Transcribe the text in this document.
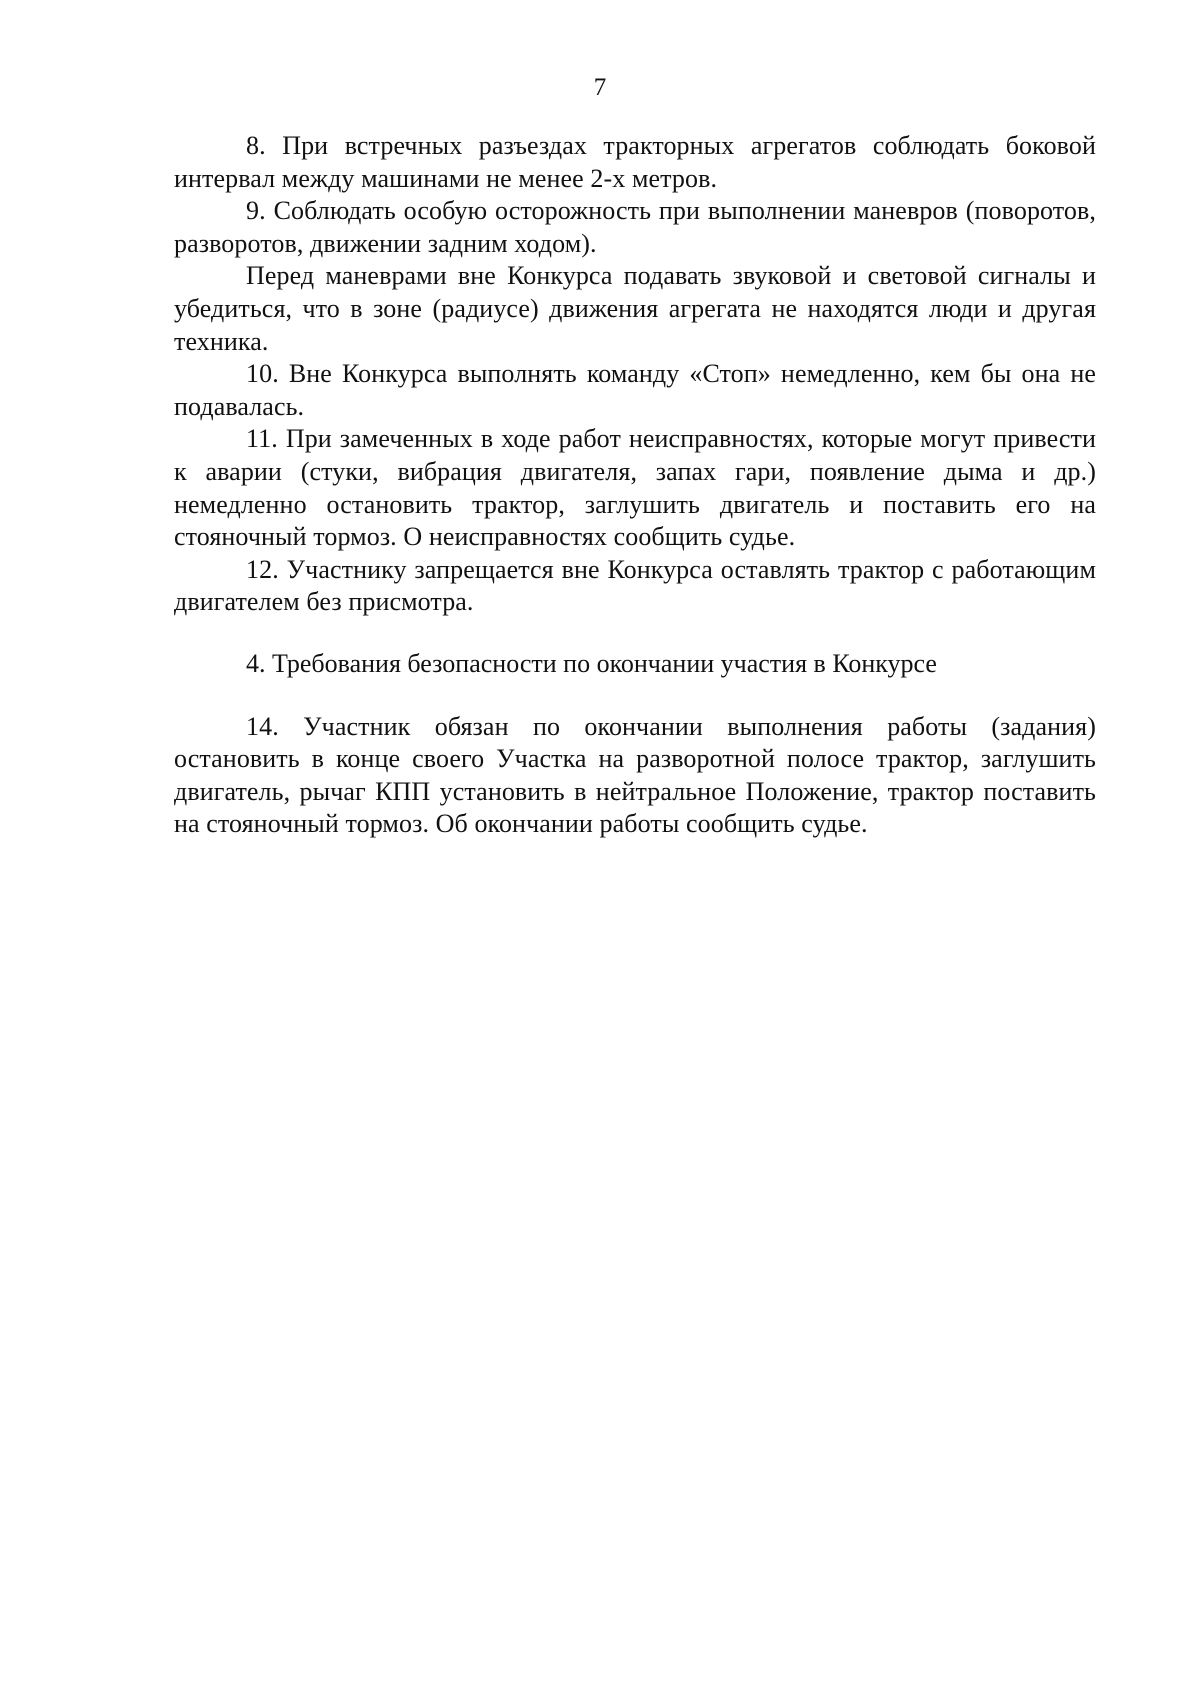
7

8. При встречных разъездах тракторных агрегатов соблюдать боковой интервал между машинами не менее 2-х метров.

9. Соблюдать особую осторожность при выполнении маневров (поворотов, разворотов, движении задним ходом).

Перед маневрами вне Конкурса подавать звуковой и световой сигналы и убедиться, что в зоне (радиусе) движения агрегата не находятся люди и другая техника.

10. Вне Конкурса выполнять команду «Стоп» немедленно, кем бы она не подавалась.

11. При замеченных в ходе работ неисправностях, которые могут привести к аварии (стуки, вибрация двигателя, запах гари, появление дыма и др.) немедленно остановить трактор, заглушить двигатель и поставить его на стояночный тормоз. О неисправностях сообщить судье.

12. Участнику запрещается вне Конкурса оставлять трактор с работающим двигателем без присмотра.

4. Требования безопасности по окончании участия в Конкурсе

14. Участник обязан по окончании выполнения работы (задания) остановить в конце своего Участка на разворотной полосе трактор, заглушить двигатель, рычаг КПП установить в нейтральное Положение, трактор поставить на стояночный тормоз. Об окончании работы сообщить судье.
